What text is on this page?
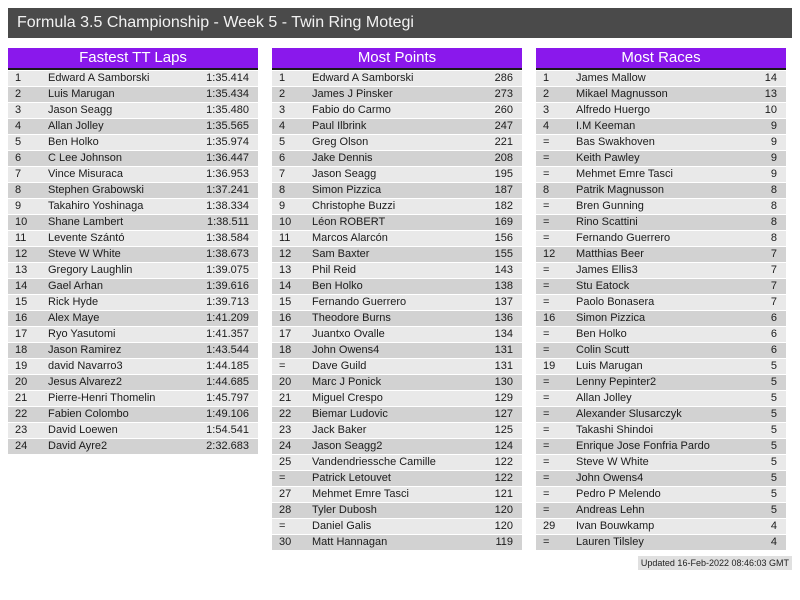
Formula 3.5 Championship - Week 5 - Twin Ring Motegi
Fastest TT Laps
1	Edward A Samborski	1:35.414
2	Luis Marugan	1:35.434
3	Jason Seagg	1:35.480
4	Allan Jolley	1:35.565
5	Ben Holko	1:35.974
6	C Lee Johnson	1:36.447
7	Vince Misuraca	1:36.953
8	Stephen Grabowski	1:37.241
9	Takahiro Yoshinaga	1:38.334
10	Shane Lambert	1:38.511
11	Levente Szántó	1:38.584
12	Steve W White	1:38.673
13	Gregory Laughlin	1:39.075
14	Gael Arhan	1:39.616
15	Rick Hyde	1:39.713
16	Alex Maye	1:41.209
17	Ryo Yasutomi	1:41.357
18	Jason Ramirez	1:43.544
19	david Navarro3	1:44.185
20	Jesus Alvarez2	1:44.685
21	Pierre-Henri Thomelin	1:45.797
22	Fabien Colombo	1:49.106
23	David Loewen	1:54.541
24	David Ayre2	2:32.683
Most Points
1	Edward A Samborski	286
2	James J Pinsker	273
3	Fabio do Carmo	260
4	Paul Ilbrink	247
5	Greg Olson	221
6	Jake Dennis	208
7	Jason Seagg	195
8	Simon Pizzica	187
9	Christophe Buzzi	182
10	Léon ROBERT	169
11	Marcos Alarcón	156
12	Sam Baxter	155
13	Phil Reid	143
14	Ben Holko	138
15	Fernando Guerrero	137
16	Theodore Burns	136
17	Juantxo Ovalle	134
18	John Owens4	131
=	Dave Guild	131
20	Marc J Ponick	130
21	Miguel Crespo	129
22	Biemar Ludovic	127
23	Jack Baker	125
24	Jason Seagg2	124
25	Vandendriessche Camille	122
=	Patrick Letouvet	122
27	Mehmet Emre Tasci	121
28	Tyler Dubosh	120
=	Daniel Galis	120
30	Matt Hannagan	119
Most Races
1	James Mallow	14
2	Mikael Magnusson	13
3	Alfredo Huergo	10
4	I.M Keeman	9
=	Bas Swakhoven	9
=	Keith Pawley	9
=	Mehmet Emre Tasci	9
8	Patrik Magnusson	8
=	Bren Gunning	8
=	Rino Scattini	8
=	Fernando Guerrero	8
12	Matthias Beer	7
=	James Ellis3	7
=	Stu Eatock	7
=	Paolo Bonasera	7
16	Simon Pizzica	6
=	Ben Holko	6
=	Colin Scutt	6
19	Luis Marugan	5
=	Lenny Pepinter2	5
=	Allan Jolley	5
=	Alexander Slusarczyk	5
=	Takashi Shindoi	5
=	Enrique Jose Fonfria Pardo	5
=	Steve W White	5
=	John Owens4	5
=	Pedro P Melendo	5
=	Andreas Lehn	5
29	Ivan Bouwkamp	4
=	Lauren Tilsley	4
Updated 16-Feb-2022 08:46:03 GMT
